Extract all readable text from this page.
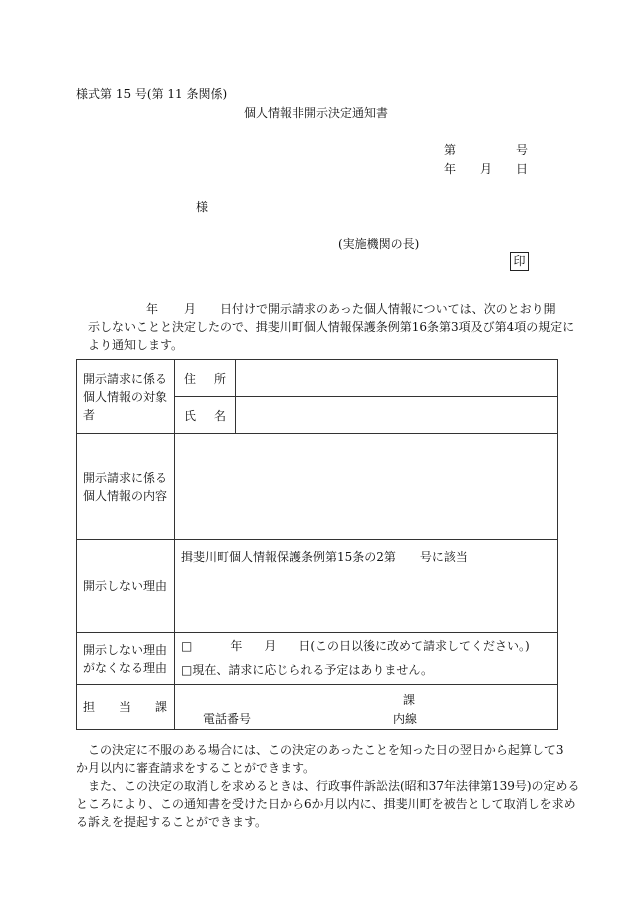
様式第 15 号(第 11 条関係)
個人情報非開示決定通知書
第	号
年 月 日
様
(実施機関の長)
印
年 月 日付けで開示請求のあった個人情報については、次のとおり開
示しないことと決定したので、揖斐川町個人情報保護条例第16条第3項及び第4項の規定に
より通知します。
開示請求に係る個人情報の対象者	住 所	
	氏 名	
開示請求に係る個人情報の内容		
開示しない理由	揖斐川町個人情報保護条例第15条の2第 号に該当	

開示しない理由がなくなる理由	□ 年 月 日(この日以後に改めて請求してください。)
□現在、請求に応じられる予定はありません。	

担 当 課	課
電話番号 内線	
この決定に不服のある場合には、この決定のあったことを知った日の翌日から起算して3
か月以内に審査請求をすることができます。
また、この決定の取消しを求めるときは、行政事件訴訟法(昭和37年法律第139号)の定める
ところにより、この通知書を受けた日から6か月以内に、揖斐川町を被告として取消しを求め
る訴えを提起することができます。
